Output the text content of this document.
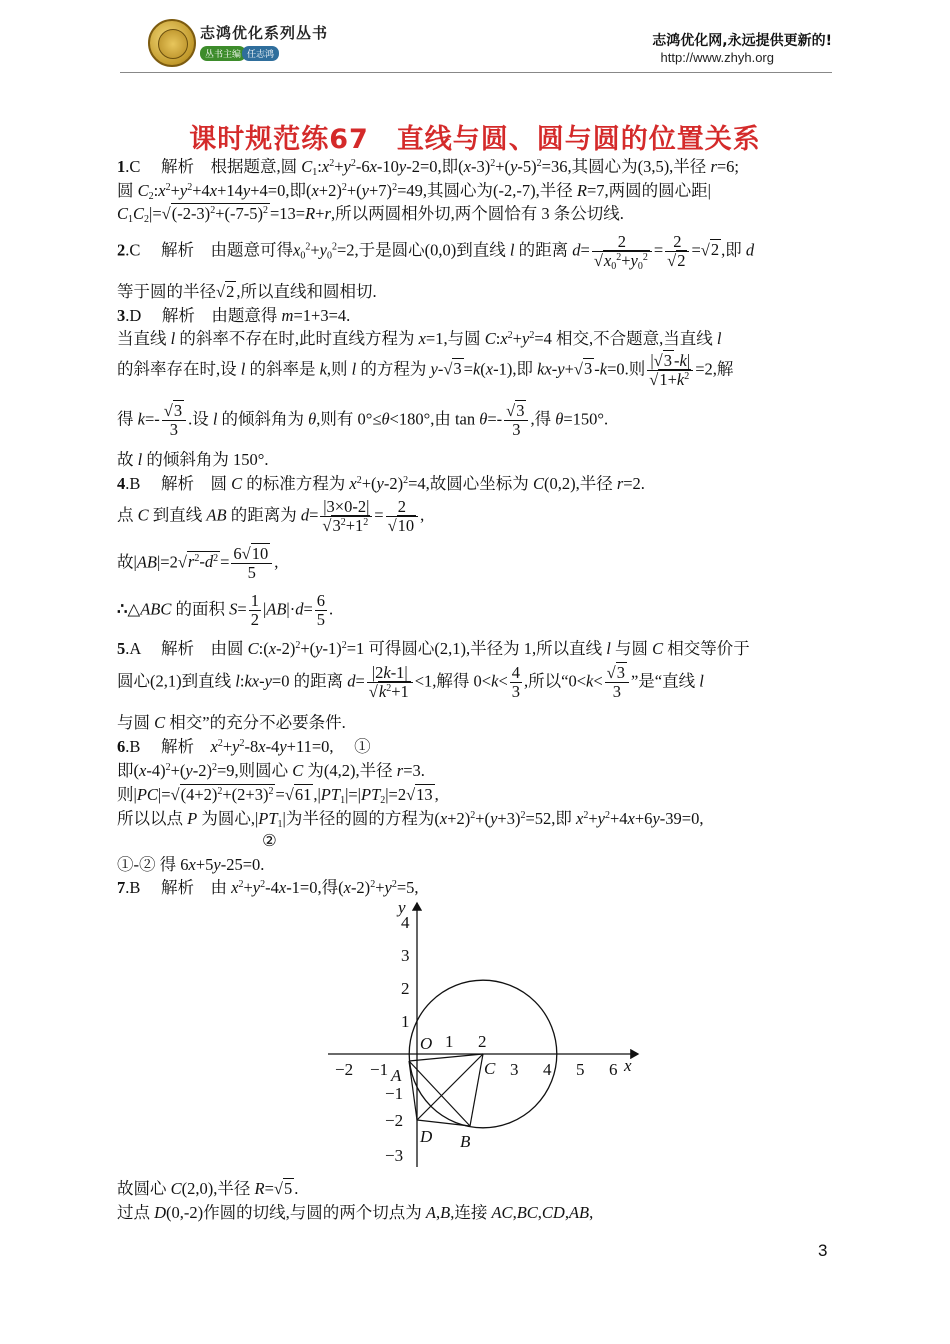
志鸿优化系列丛书
丛书主编 任志鸿
志鸿优化网,永远提供更新的!
http://www.zhyh.org
课时规范练67　直线与圆、圆与圆的位置关系
1.C　 解析　根据题意,圆 $C_1:x^2+y^2-6x-10y-2=0$,即$(x-3)^2+(y-5)^2=36$,其圆心为(3,5),半径 r=6;
圆 $C_2:x^2+y^2+4x+14y+4=0$,即$(x+2)^2+(y+7)^2=49$,其圆心为(-2,-7),半径 R=7,两圆的圆心距|
$C_1C_2|=√(-2-3)^2+(-7-5)^2 =13=R+r$,所以两圆相外切,两个圆恰有 3 条公切线.
2.C　 解析　由题意可得$x_0^2+y_0^2=2$,于是圆心(0,0)到直线 l 的距离 $d= \frac{2}{√x_0^2+y_0^2} = \frac{2}{√2} =√2$ ,即 d
等于圆的半径√2 ,所以直线和圆相切.
3.D　 解析　由题意得 m=1+3=4.
当直线 l 的斜率不存在时,此时直线方程为 x=1,与圆 $C:x^2+y^2=4$ 相交,不合题意,当直线 l
的斜率存在时,设 l 的斜率是 k,则 l 的方程为 y-√3 =k(x-1),即 kx-y+√3 -k=0.则 $\frac{|√3 -k|}{√1+k^2} =2$,解
得 $k=- \frac{√3}{3}$ .设 l 的倾斜角为 θ,则有 0°≤θ<180°,由 $\tan \theta=- \frac{√3}{3}$ ,得 θ=150°.
故 l 的倾斜角为 150°.
4.B　 解析　圆 C 的标准方程为 $x^2+(y-2)^2=4$,故圆心坐标为 C(0,2),半径 r=2.
点 C 到直线 AB 的距离为 $d= \frac{|3\times 0-2|}{√3^2+1^2} = \frac{2}{√10}$ ,
故$|AB|=2√r^2-d^2 = \frac{6√10}{5}$ ,
∴△ABC 的面积 $S= \frac{1}{2} |AB|\cdot d= \frac{6}{5}$ .
5.A　 解析　由圆 $C:(x-2)^2+(y-1)^2=1$ 可得圆心(2,1),半径为 1,所以直线 l 与圆 C 相交等价于
圆心(2,1)到直线 l:kx-y=0 的距离 $d= \frac{|2k-1|}{√k^2+1} <1$,解得 $0<k< \frac{4}{3}$ ,所以“$0<k< \frac{√3}{3}$ ”是“直线 l
与圆 C 相交”的充分不必要条件.
6.B　 解析　$x^2+y^2-8x-4y+11=0$,　 ①
即$(x-4)^2+(y-2)^2=9$,则圆心 C 为(4,2),半径 r=3.
则$|PC|=√(4+2)^2+(2+3)^2 =√61$ $,|PT_1|=|PT_2|=2√13$ ,
所以以点 P 为圆心$,|PT_1|$为半径的圆的方程为$(x+2)^2+(y+3)^2=52$,即 $x^2+y^2+4x+6y-39=0$,
②
①-② 得 6x+5y-25=0.
7.B　 解析　由 $x^2+y^2-4x-1=0$,得$(x-2)^2+y^2=5$,
−2 −1
1 2
3 4 5 6
4
3
2
1
−1
−2
−3
x
y
O
A
B
C
D
故圆心 C(2,0),半径 R=√5 .
过点 D(0,-2)作圆的切线,与圆的两个切点为 A,B,连接 AC,BC,CD,AB,
3
